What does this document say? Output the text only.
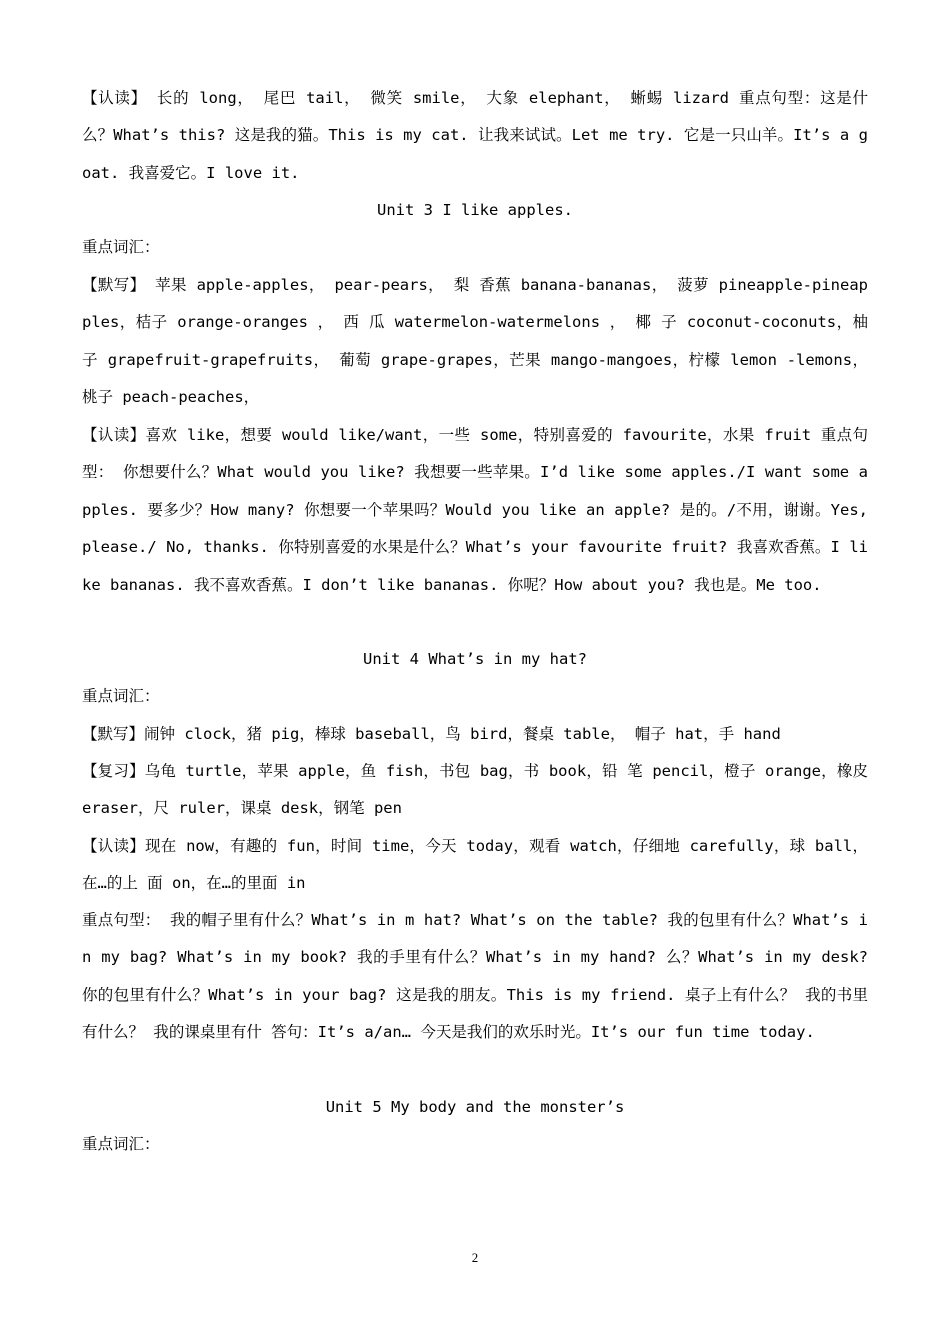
【认读】 长的 long， 尾巴 tail， 微笑 smile， 大象 elephant， 蜥蜴 lizard 重点句型：这是什么？What’s this? 这是我的猫。This is my cat. 让我来试试。Let me try. 它是一只山羊。It’s a goat. 我喜爱它。I love it.

Unit 3 I like apples.

重点词汇：

【默写】 苹果 apple-apples， pear-pears， 梨 香蕉 banana-bananas， 菠萝 pineapple-pineapples，桔子 orange-oranges ， 西 瓜 watermelon-watermelons ， 椰 子 coconut-coconuts，柚子 grapefruit-grapefruits， 葡萄 grape-grapes，芒果 mango-mangoes，柠檬 lemon -lemons， 桃子 peach-peaches，

【认读】喜欢 like，想要 would like/want，一些 some，特别喜爱的 favourite，水果 fruit 重点句型： 你想要什么？What would you like? 我想要一些苹果。I’d like some apples./I want some apples. 要多少？How many? 你想要一个苹果吗？Would you like an apple? 是的。/不用，谢谢。Yes, please./ No, thanks. 你特别喜爱的水果是什么？What’s your favourite fruit? 我喜欢香蕉。I like bananas. 我不喜欢香蕉。I don’t like bananas. 你呢？How about you? 我也是。Me too.

Unit 4 What’s in my hat?

重点词汇：

【默写】闹钟 clock，猪 pig，棒球 baseball，鸟 bird，餐桌 table， 帽子 hat，手 hand

【复习】乌龟 turtle，苹果 apple，鱼 fish，书包 bag，书 book，铅 笔 pencil，橙子 orange，橡皮 eraser，尺 ruler，课桌 desk，钢笔 pen

【认读】现在 now，有趣的 fun，时间 time，今天 today，观看 watch，仔细地 carefully，球 ball，在…的上 面 on，在…的里面 in

重点句型： 我的帽子里有什么？What’s in m hat? What’s on the table? 我的包里有什么？What’s in my bag? What’s in my book? 我的手里有什么？What’s in my hand? 么？What’s in my desk? 你的包里有什么？What’s in your bag? 这是我的朋友。This is my friend. 桌子上有什么？ 我的书里有什么？ 我的课桌里有什 答句：It’s a/an… 今天是我们的欢乐时光。It’s our fun time today.

Unit 5 My body and the monster’s

重点词汇：

2
